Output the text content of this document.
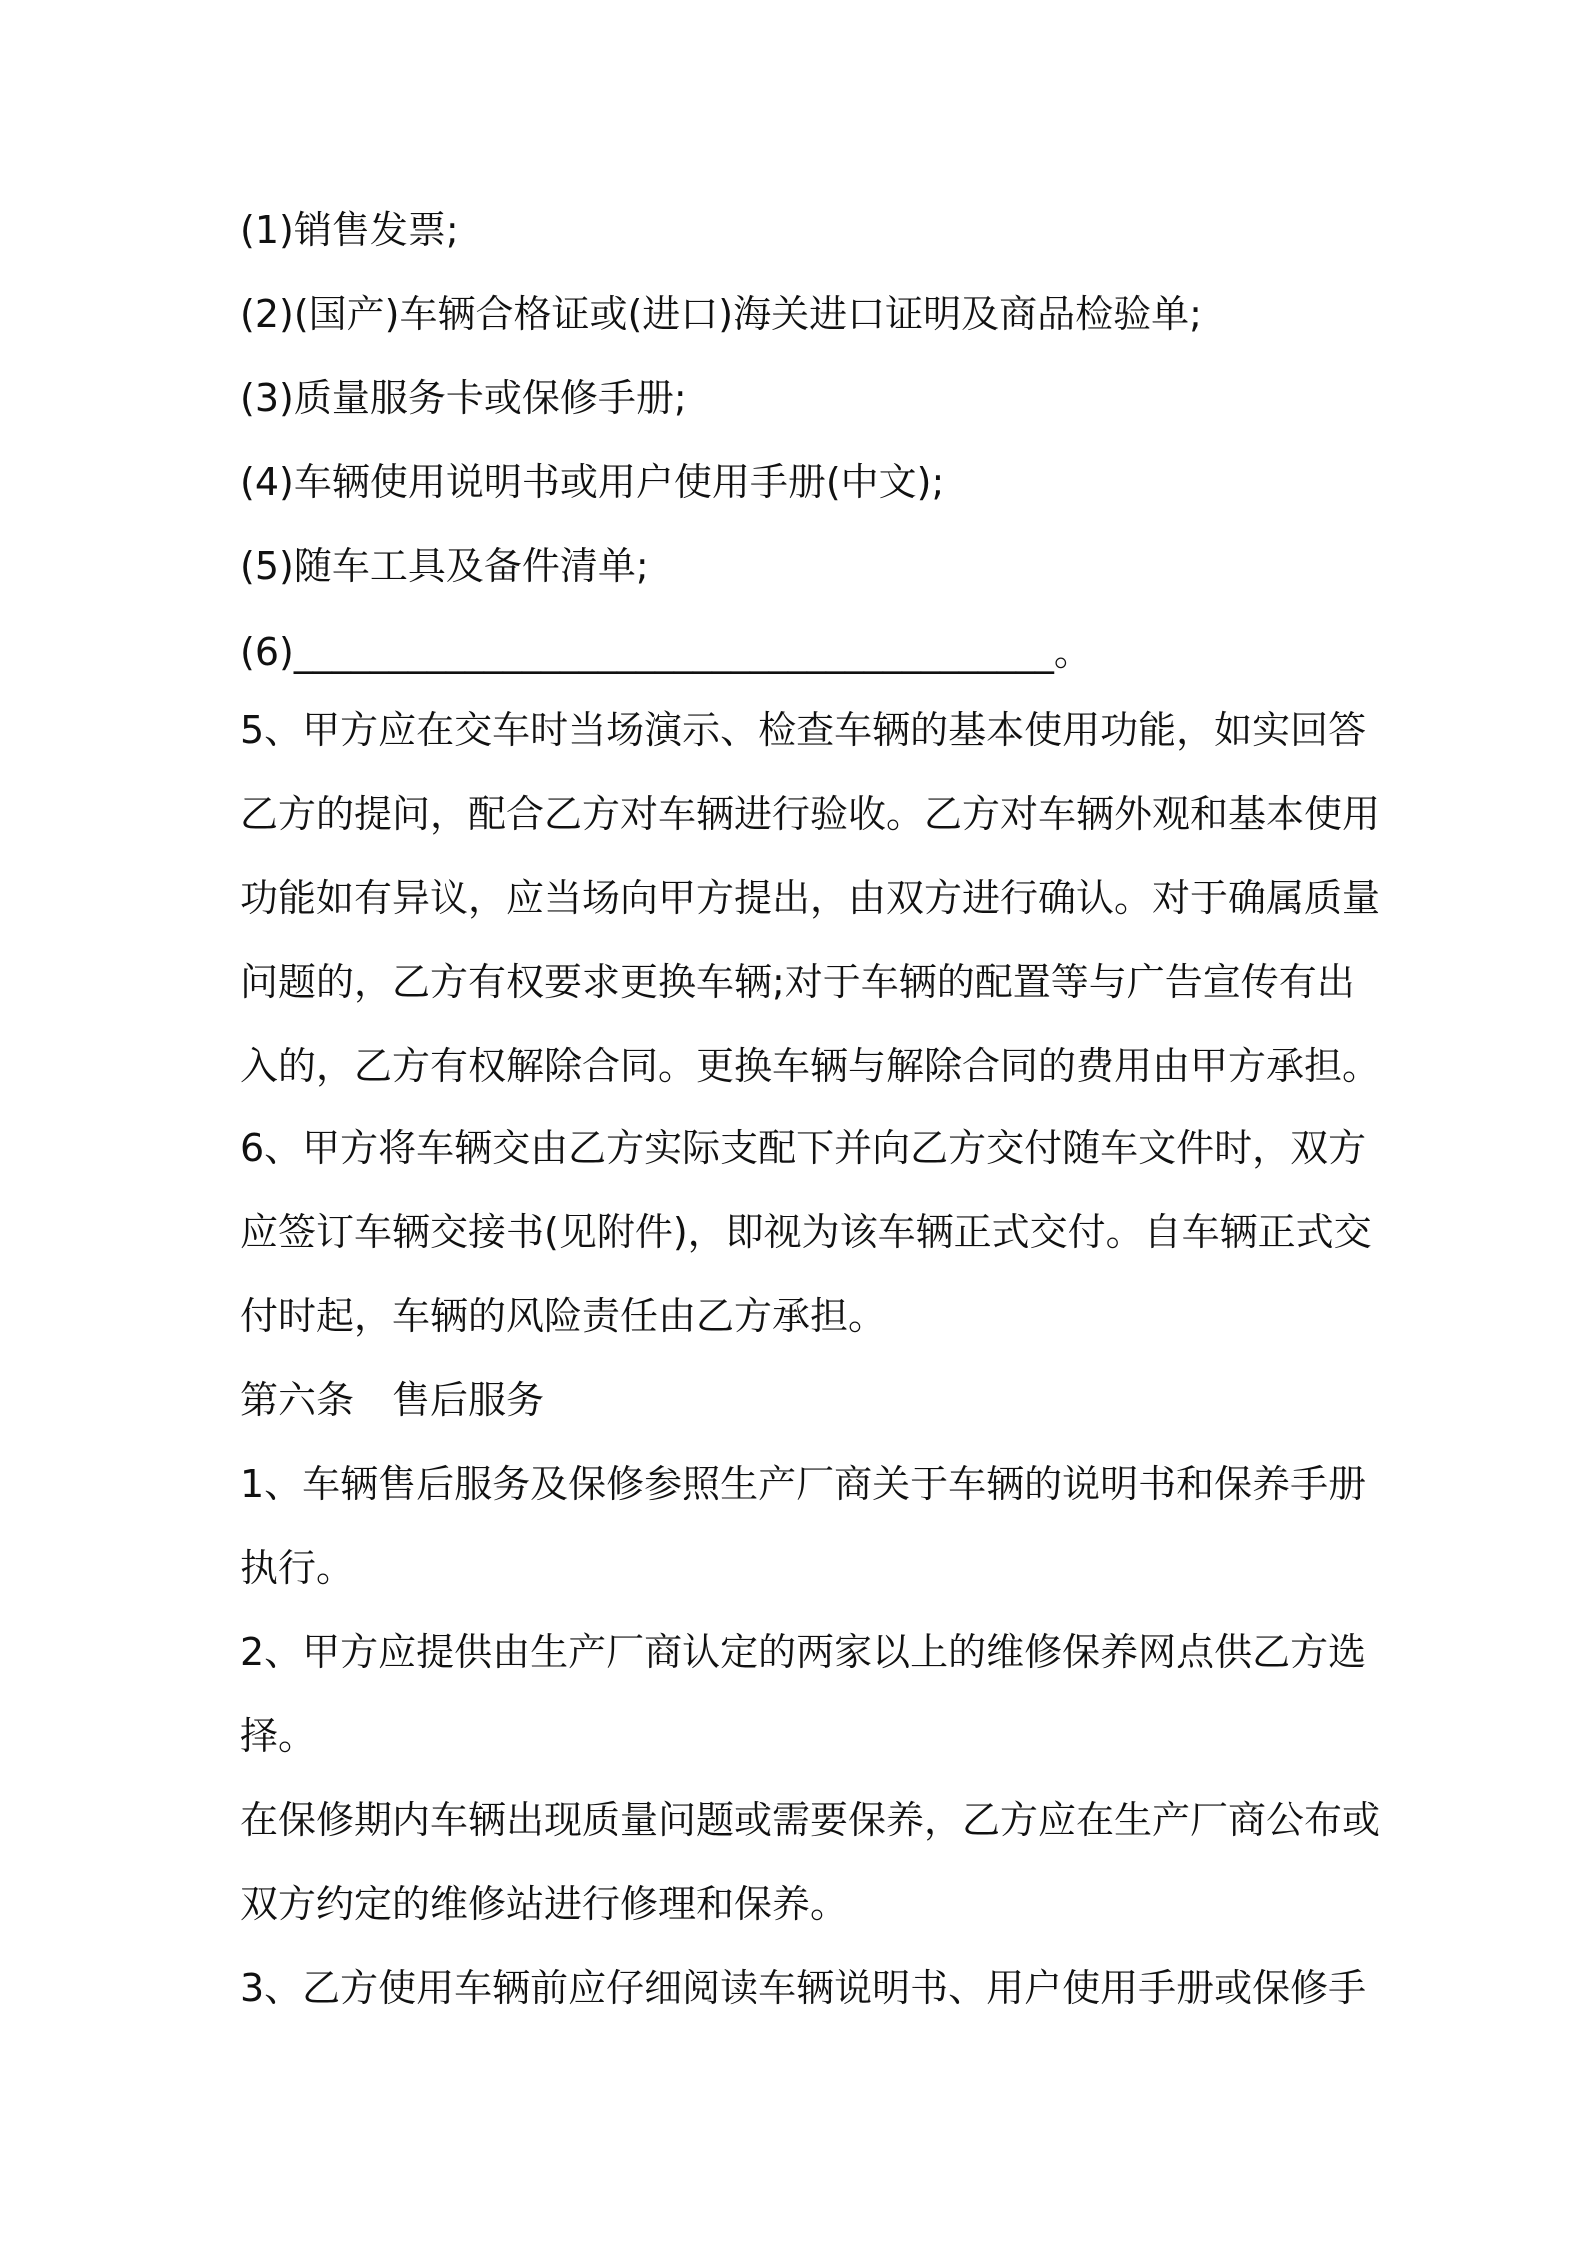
(1)销售发票;
(2)(国产)车辆合格证或(进口)海关进口证明及商品检验单;
(3)质量服务卡或保修手册;
(4)车辆使用说明书或用户使用手册(中文);
(5)随车工具及备件清单;
(6)________________________________________。
5、甲方应在交车时当场演示、检查车辆的基本使用功能，如实回答
乙方的提问，配合乙方对车辆进行验收。乙方对车辆外观和基本使用
功能如有异议，应当场向甲方提出，由双方进行确认。对于确属质量
问题的，乙方有权要求更换车辆;对于车辆的配置等与广告宣传有出
入的，乙方有权解除合同。更换车辆与解除合同的费用由甲方承担。
6、甲方将车辆交由乙方实际支配下并向乙方交付随车文件时，双方
应签订车辆交接书(见附件)，即视为该车辆正式交付。自车辆正式交
付时起，车辆的风险责任由乙方承担。
第六条　售后服务
1、车辆售后服务及保修参照生产厂商关于车辆的说明书和保养手册
执行。
2、甲方应提供由生产厂商认定的两家以上的维修保养网点供乙方选
择。
在保修期内车辆出现质量问题或需要保养，乙方应在生产厂商公布或
双方约定的维修站进行修理和保养。
3、乙方使用车辆前应仔细阅读车辆说明书、用户使用手册或保修手
